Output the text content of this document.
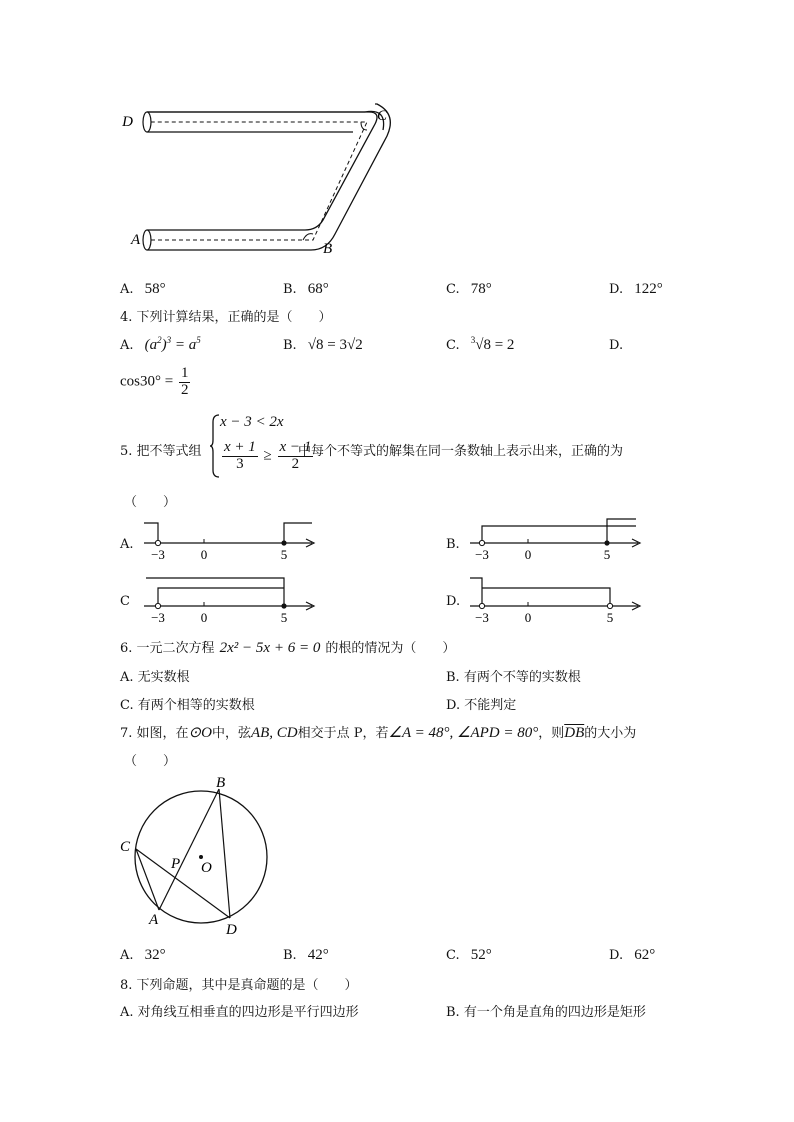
D	C
A
B
A. 58°	B. 68°	C. 78°	D. 122°
4. 下列计算结果，正确的是（　　）
A. $(a^2)^3 = a^5$	B. √8 = 3√2	C. $^3$√8 = 2	D.
$\cos 30^\circ = \frac{1}{2}$
5. 把不等式组
x − 3 < 2x
$\frac{x + 1}{3} \ge \frac{x - 1}{2}$
中每个不等式的解集在同一条数轴上表示出来，正确的为
（　　）
A.
−3	0	5
B.
−3	0	5
C
−3	0	5
D.
−3	0	5
6. 一元二次方程 2x² − 5x + 6 = 0 的根的情况为（　　）
A. 无实数根	B. 有两个不等的实数根
C. 有两个相等的实数根	D. 不能判定
7. 如图，在⊙O中，弦AB, CD相交于点 P，若∠A = 48°, ∠APD = 80°，则$\overline{DB}$的大小为
（　　）
B
C
A
D
P O
A. 32°	B. 42°	C. 52°	D. 62°
8. 下列命题，其中是真命题的是（　　）
A. 对角线互相垂直的四边形是平行四边形	B. 有一个角是直角的四边形是矩形
